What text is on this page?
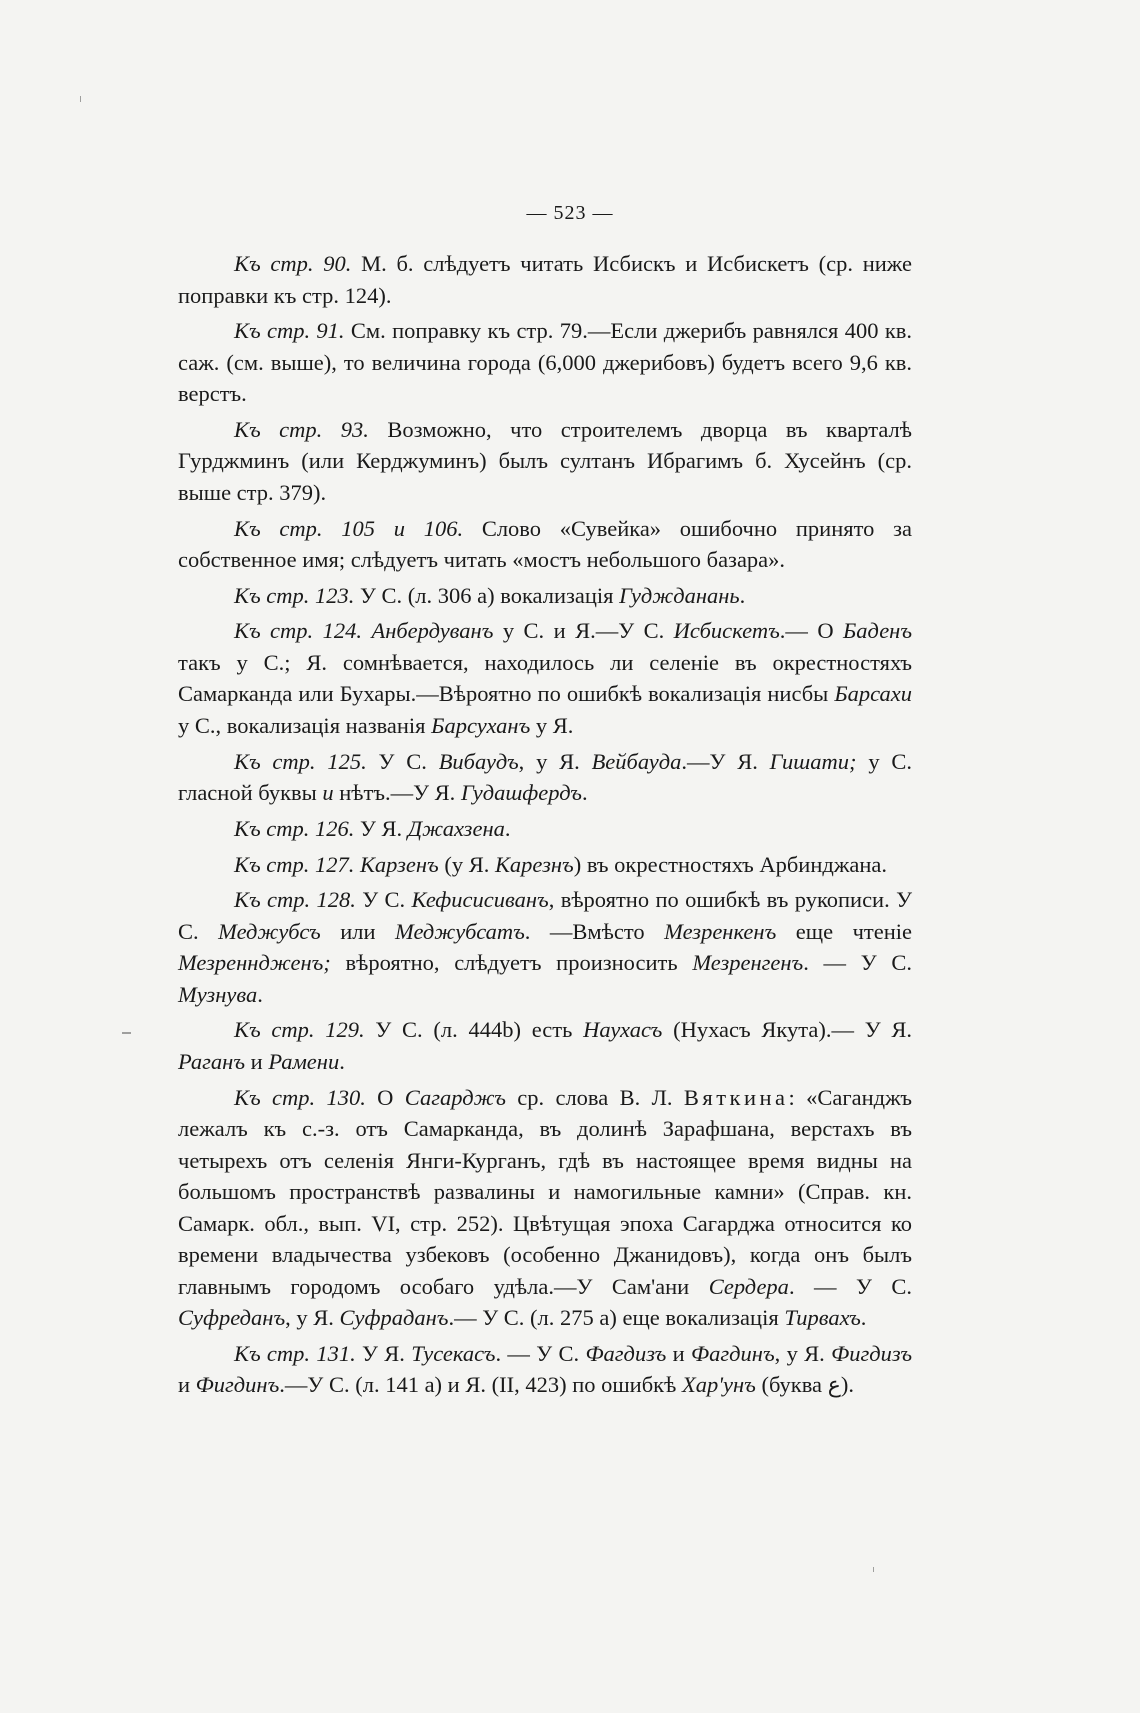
— 523 —

Къ стр. 90. М. б. слѣдуетъ читать Исбискъ и Исбискетъ (ср. ниже поправки къ стр. 124).

Къ стр. 91. См. поправку къ стр. 79.—Если джерибъ равнялся 400 кв. саж. (см. выше), то величина города (6,000 джерибовъ) будетъ всего 9,6 кв. верстъ.

Къ стр. 93. Возможно, что строителемъ дворца въ кварталѣ Гурджминъ (или Керджуминъ) былъ султанъ Ибрагимъ б. Хусейнъ (ср. выше стр. 379).

Къ стр. 105 и 106. Слово «Сувейка» ошибочно принято за собственное имя; слѣдуетъ читать «мостъ небольшого базара».

Къ стр. 123. У С. (л. 306 а) вокализація Гуджданань.

Къ стр. 124. Анбердуванъ у С. и Я.—У С. Исбискетъ.— О Баденъ такъ у С.; Я. сомнѣвается, находилось ли селеніе въ окрестностяхъ Самарканда или Бухары.—Вѣроятно по ошибкѣ вокализація нисбы Барсахи у С., вокализація названія Барсуханъ у Я.

Къ стр. 125. У С. Вибаудъ, у Я. Вейбауда.—У Я. Гишати; у С. гласной буквы и нѣтъ.—У Я. Гудашфердъ.

Къ стр. 126. У Я. Джахзена.

Къ стр. 127. Карзенъ (у Я. Карезнъ) въ окрестностяхъ Арбинджана.

Къ стр. 128. У С. Кефисисиванъ, вѣроятно по ошибкѣ въ рукописи. У С. Меджубсъ или Меджубсатъ. —Вмѣсто Мезренкенъ еще чтеніе Мезренндженъ; вѣроятно, слѣдуетъ произносить Мезренгенъ. — У С. Музнува.

Къ стр. 129. У С. (л. 444b) есть Наухасъ (Нухасъ Якута).— У Я. Раганъ и Рамени.

Къ стр. 130. О Сагарджъ ср. слова В. Л. Вяткина: «Саганджъ лежалъ къ с.-з. отъ Самарканда, въ долинѣ Зарафшана, верстахъ въ четырехъ отъ селенія Янги-Курганъ, гдѣ въ настоящее время видны на большомъ пространствѣ развалины и намогильные камни» (Справ. кн. Самарк. обл., вып. VI, стр. 252). Цвѣтущая эпоха Сагарджа относится ко времени владычества узбековъ (особенно Джанидовъ), когда онъ былъ главнымъ городомъ особаго удѣла.—У Сам'ани Сердера. — У С. Суфреданъ, у Я. Суфраданъ.— У С. (л. 275 а) еще вокализація Тирвахъ.

Къ стр. 131. У Я. Тусекасъ. — У С. Фагдизъ и Фагдинъ, у Я. Фигдизъ и Фигдинъ.—У С. (л. 141 а) и Я. (II, 423) по ошибкѣ Хар'унъ (буква ع).
